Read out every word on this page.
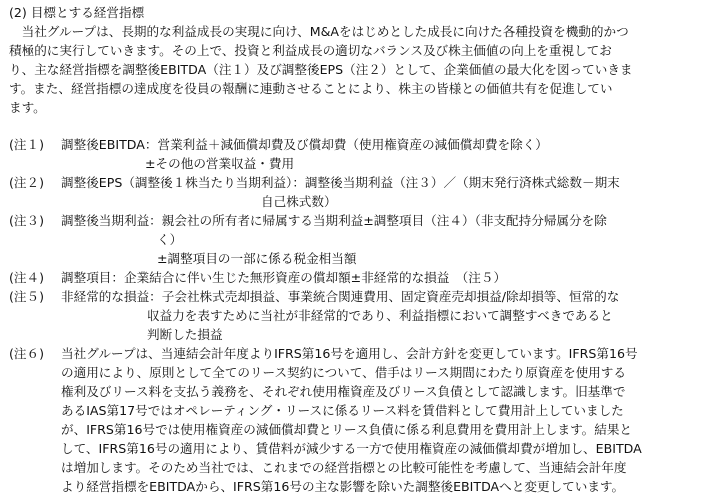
(2) 目標とする経営指標

　当社グループは、長期的な利益成長の実現に向け、M&Aをはじめとした成長に向けた各種投資を機動的かつ
積極的に実行していきます。その上で、投資と利益成長の適切なバランス及び株主価値の向上を重視してお
り、主な経営指標を調整後EBITDA（注１）及び調整後EPS（注２）として、企業価値の最大化を図っていきま
す。また、経営指標の達成度を役員の報酬に連動させることにより、株主の皆様との価値共有を促進してい
ます。
(注１)	調整後EBITDA：営業利益＋減価償却費及び償却費（使用権資産の減価償却費を除く）
±その他の営業収益・費用
(注２)	調整後EPS（調整後１株当たり当期利益）：調整後当期利益（注３）／（期末発行済株式総数－期末
自己株式数）
(注３)	調整後当期利益：親会社の所有者に帰属する当期利益±調整項目（注４）（非支配持分帰属分を除
く）
±調整項目の一部に係る税金相当額
(注４)	調整項目：企業結合に伴い生じた無形資産の償却額±非経常的な損益　（注５）
(注５)	非経常的な損益：子会社株式売却損益、事業統合関連費用、固定資産売却損益/除却損等、恒常的な
収益力を表すために当社が非経常的であり、利益指標において調整すべきであると
判断した損益
(注６)	当社グループは、当連結会計年度よりIFRS第16号を適用し、会計方針を変更しています。IFRS第16号
の適用により、原則として全てのリース契約について、借手はリース期間にわたり原資産を使用する
権利及びリース料を支払う義務を、それぞれ使用権資産及びリース負債として認識します。旧基準で
あるIAS第17号ではオペレーティング・リースに係るリース料を賃借料として費用計上していました
が、IFRS第16号では使用権資産の減価償却費とリース負債に係る利息費用を費用計上します。結果と
して、IFRS第16号の適用により、賃借料が減少する一方で使用権資産の減価償却費が増加し、EBITDA
は増加します。そのため当社では、これまでの経営指標との比較可能性を考慮して、当連結会計年度
より経営指標をEBITDAから、IFRS第16号の主な影響を除いた調整後EBITDAへと変更しています。
